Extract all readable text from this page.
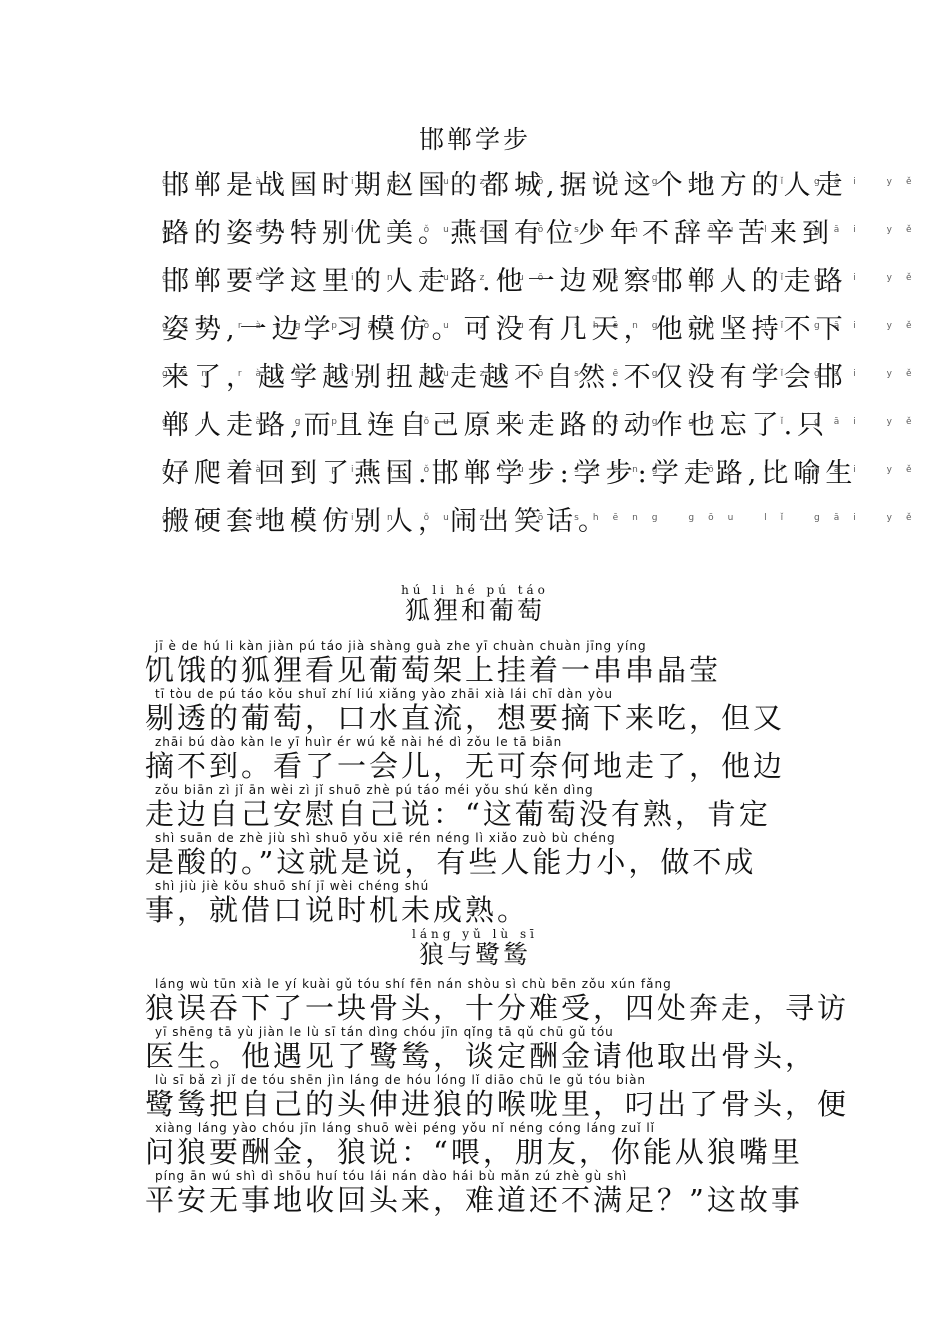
邯郸学步
gēn ràng pián ǒu zhuō shēng gōu lǐ gāi yě 邯郸是战国时期赵国的都城,据说这个地方的人走
gēn ràng pián ǒu zhuō shēng gōu lǐ gāi yě 路的姿势特别优美。燕国有位少年不辞辛苦来到
gēn ràng pián ǒu zhuō shēng gōu lǐ gāi yě 邯郸要学这里的人走路.他一边观察邯郸人的走路
gēn ràng pián ǒu zhuō shēng gōu lǐ gāi yě 姿势,一边学习模仿。可没有几天，他就坚持不下
gēn ràng pián ǒu zhuō shēng gōu lǐ gāi yě 来了，越学越别扭越走越不自然.不仅没有学会邯
gēn ràng pián ǒu zhuō shēng gōu lǐ gāi yě 郸人走路,而且连自己原来走路的动作也忘了.只
gēn ràng pián ǒu zhuō shēng gōu lǐ gāi yě 好爬着回到了燕国.邯郸学步:学步:学走路,比喻生
gēn ràng pián ǒu zhuō shēng gōu lǐ gāi yě 搬硬套地模仿别人，闹出笑话。
hú li hé pú táo
狐狸和葡萄
jī è de hú li kàn jiàn pú táo jià shàng guà zhe yī chuàn chuàn jīng yíng
饥饿的狐狸看见葡萄架上挂着一串串晶莹
tī tòu de pú táo kǒu shuǐ zhí liú xiǎng yào zhāi xià lái chī dàn yòu
剔透的葡萄，口水直流，想要摘下来吃，但又
zhāi bú dào kàn le yī huìr ér wú kě nài hé dì zǒu le tā biān
摘不到。看了一会儿，无可奈何地走了，他边
zǒu biān zì jǐ ān wèi zì jǐ shuō zhè pú táo méi yǒu shú kěn dìng
走边自己安慰自己说：“这葡萄没有熟，肯定
shì suān de zhè jiù shì shuō yǒu xiē rén néng lì xiǎo zuò bù chéng
是酸的。”这就是说，有些人能力小，做不成
shì jiù jiè kǒu shuō shí jī wèi chéng shú
事，就借口说时机未成熟。
láng yǔ lù sī
狼与鹭鸶
láng wù tūn xià le yí kuài gǔ tóu shí fēn nán shòu sì chù bēn zǒu xún fǎng
狼误吞下了一块骨头，十分难受，四处奔走，寻访
yī shēng tā yù jiàn le lù sī tán dìng chóu jīn qǐng tā qǔ chū gǔ tóu
医生。他遇见了鹭鸶，谈定酬金请他取出骨头，
lù sī bǎ zì jǐ de tóu shēn jìn láng de hóu lóng lǐ diāo chū le gǔ tóu biàn
鹭鸶把自己的头伸进狼的喉咙里，叼出了骨头，便
xiàng láng yào chóu jīn láng shuō wèi péng yǒu nǐ néng cóng láng zuǐ lǐ
问狼要酬金，狼说：“喂，朋友，你能从狼嘴里
píng ān wú shì dì shōu huí tóu lái nán dào hái bù mǎn zú zhè gù shì
平安无事地收回头来，难道还不满足？”这故事
